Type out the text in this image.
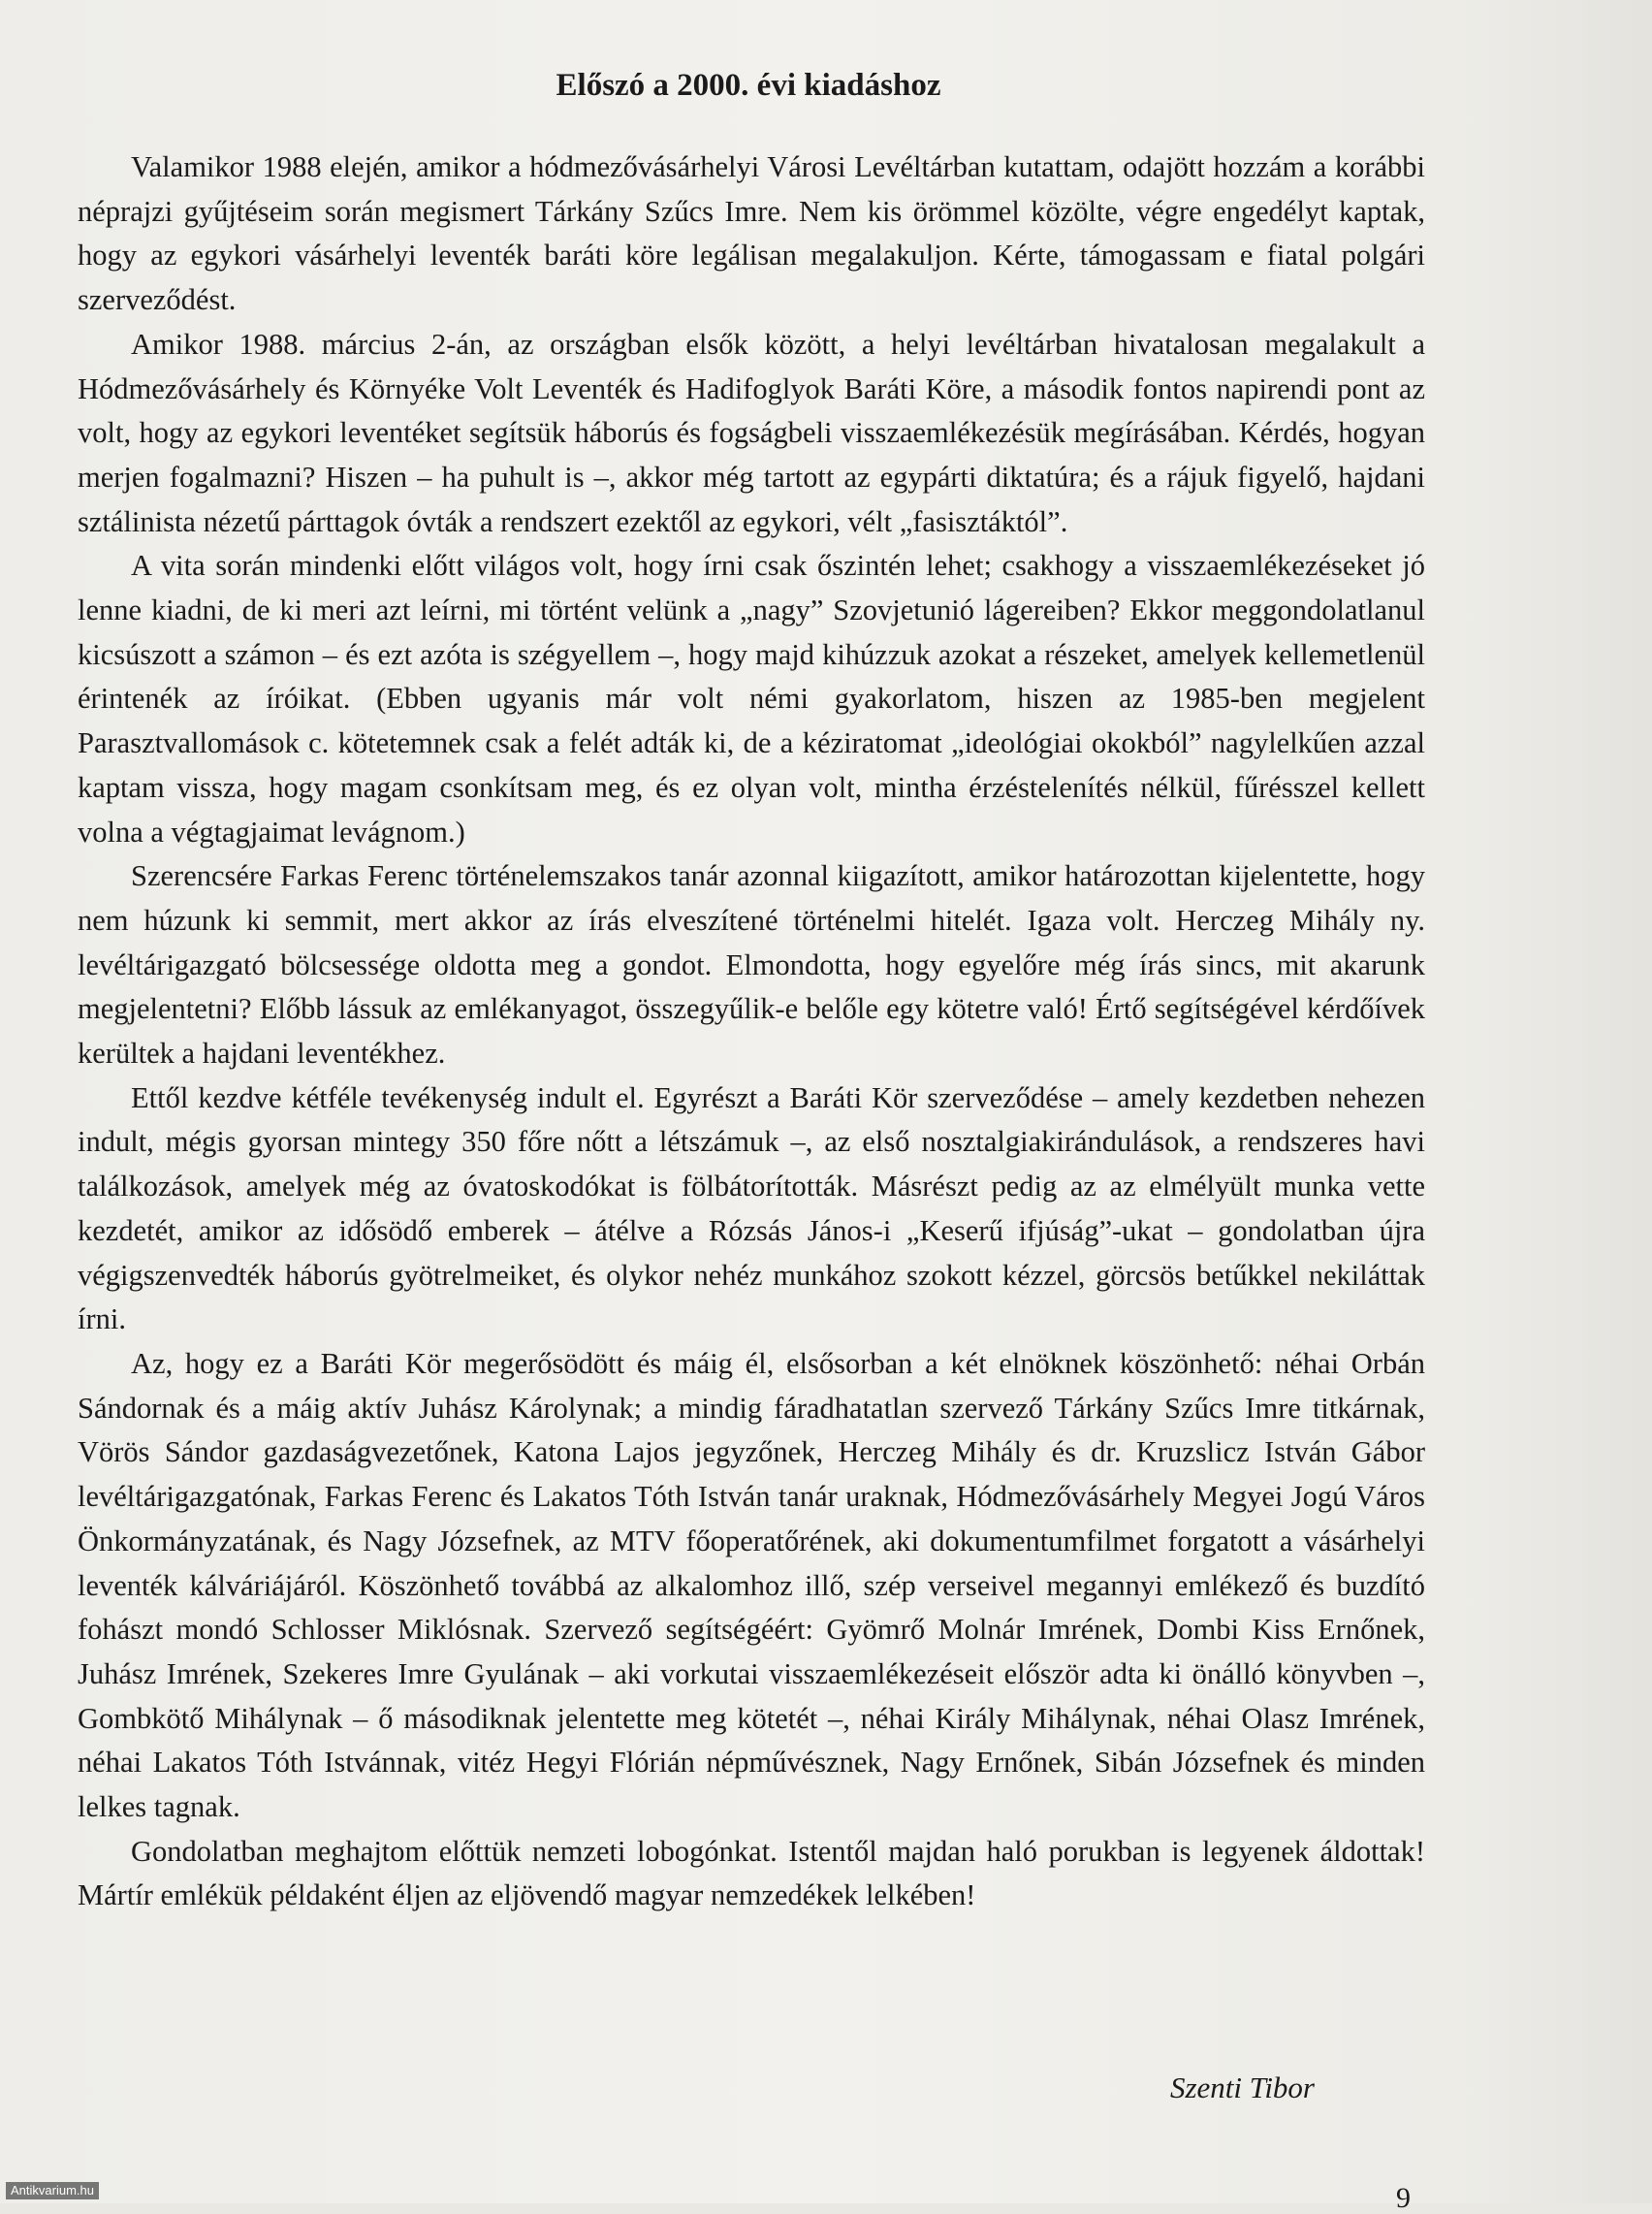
Előszó a 2000. évi kiadáshoz

Valamikor 1988 elején, amikor a hódmezővásárhelyi Városi Levéltárban kutattam, odajött hozzám a korábbi néprajzi gyűjtéseim során megismert Tárkány Szűcs Imre. Nem kis örömmel közölte, végre engedélyt kaptak, hogy az egykori vásárhelyi leventék baráti köre legálisan megalakuljon. Kérte, támogassam e fiatal polgári szerveződést.

Amikor 1988. március 2-án, az országban elsők között, a helyi levéltárban hivatalosan megalakult a Hódmezővásárhely és Környéke Volt Leventék és Hadifoglyok Baráti Köre, a második fontos napirendi pont az volt, hogy az egykori leventéket segítsük háborús és fogságbeli visszaemlékezésük megírásában. Kérdés, hogyan merjen fogalmazni? Hiszen – ha puhult is –, akkor még tartott az egypárti diktatúra; és a rájuk figyelő, hajdani sztálinista nézetű párttagok óvták a rendszert ezektől az egykori, vélt „fasisztáktól”.

A vita során mindenki előtt világos volt, hogy írni csak őszintén lehet; csakhogy a visszaemlékezéseket jó lenne kiadni, de ki meri azt leírni, mi történt velünk a „nagy” Szovjetunió lágereiben? Ekkor meggondolatlanul kicsúszott a számon – és ezt azóta is szégyellem –, hogy majd kihúzzuk azokat a részeket, amelyek kellemetlenül érintenék az íróikat. (Ebben ugyanis már volt némi gyakorlatom, hiszen az 1985-ben megjelent Parasztvallomások c. kötetemnek csak a felét adták ki, de a kéziratomat „ideológiai okokból” nagylelkűen azzal kaptam vissza, hogy magam csonkítsam meg, és ez olyan volt, mintha érzéstelenítés nélkül, fűrésszel kellett volna a végtagjaimat levágnom.)

Szerencsére Farkas Ferenc történelemszakos tanár azonnal kiigazított, amikor határozottan kijelentette, hogy nem húzunk ki semmit, mert akkor az írás elveszítené történelmi hitelét. Igaza volt. Herczeg Mihály ny. levéltárigazgató bölcsessége oldotta meg a gondot. Elmondotta, hogy egyelőre még írás sincs, mit akarunk megjelentetni? Előbb lássuk az emlékanyagot, összegyűlik-e belőle egy kötetre való! Értő segítségével kérdőívek kerültek a hajdani leventékhez.

Ettől kezdve kétféle tevékenység indult el. Egyrészt a Baráti Kör szerveződése – amely kezdetben nehezen indult, mégis gyorsan mintegy 350 főre nőtt a létszámuk –, az első nosztalgiakirándulások, a rendszeres havi találkozások, amelyek még az óvatoskodókat is fölbátorították. Másrészt pedig az az elmélyült munka vette kezdetét, amikor az idősödő emberek – átélve a Rózsás János-i „Keserű ifjúság”-ukat – gondolatban újra végigszenvedték háborús gyötrelmeiket, és olykor nehéz munkához szokott kézzel, görcsös betűkkel nekiláttak írni.

Az, hogy ez a Baráti Kör megerősödött és máig él, elsősorban a két elnöknek köszönhető: néhai Orbán Sándornak és a máig aktív Juhász Károlynak; a mindig fáradhatatlan szervező Tárkány Szűcs Imre titkárnak, Vörös Sándor gazdaságvezetőnek, Katona Lajos jegyzőnek, Herczeg Mihály és dr. Kruzslicz István Gábor levéltárigazgatónak, Farkas Ferenc és Lakatos Tóth István tanár uraknak, Hódmezővásárhely Megyei Jogú Város Önkormányzatának, és Nagy Józsefnek, az MTV főoperatőrének, aki dokumentumfilmet forgatott a vásárhelyi leventék kálváriájáról. Köszönhető továbbá az alkalomhoz illő, szép verseivel megannyi emlékező és buzdító fohászt mondó Schlosser Miklósnak. Szervező segítségéért: Gyömrő Molnár Imrének, Dombi Kiss Ernőnek, Juhász Imrének, Szekeres Imre Gyulának – aki vorkutai visszaemlékezéseit először adta ki önálló könyvben –, Gombkötő Mihálynak – ő másodiknak jelentette meg kötetét –, néhai Király Mihálynak, néhai Olasz Imrének, néhai Lakatos Tóth Istvánnak, vitéz Hegyi Flórián népművésznek, Nagy Ernőnek, Sibán Józsefnek és minden lelkes tagnak.

Gondolatban meghajtom előttük nemzeti lobogónkat. Istentől majdan haló porukban is legyenek áldottak! Mártír emlékük példaként éljen az eljövendő magyar nemzedékek lelkében!

Szenti Tibor

Antikvarium.hu	9
